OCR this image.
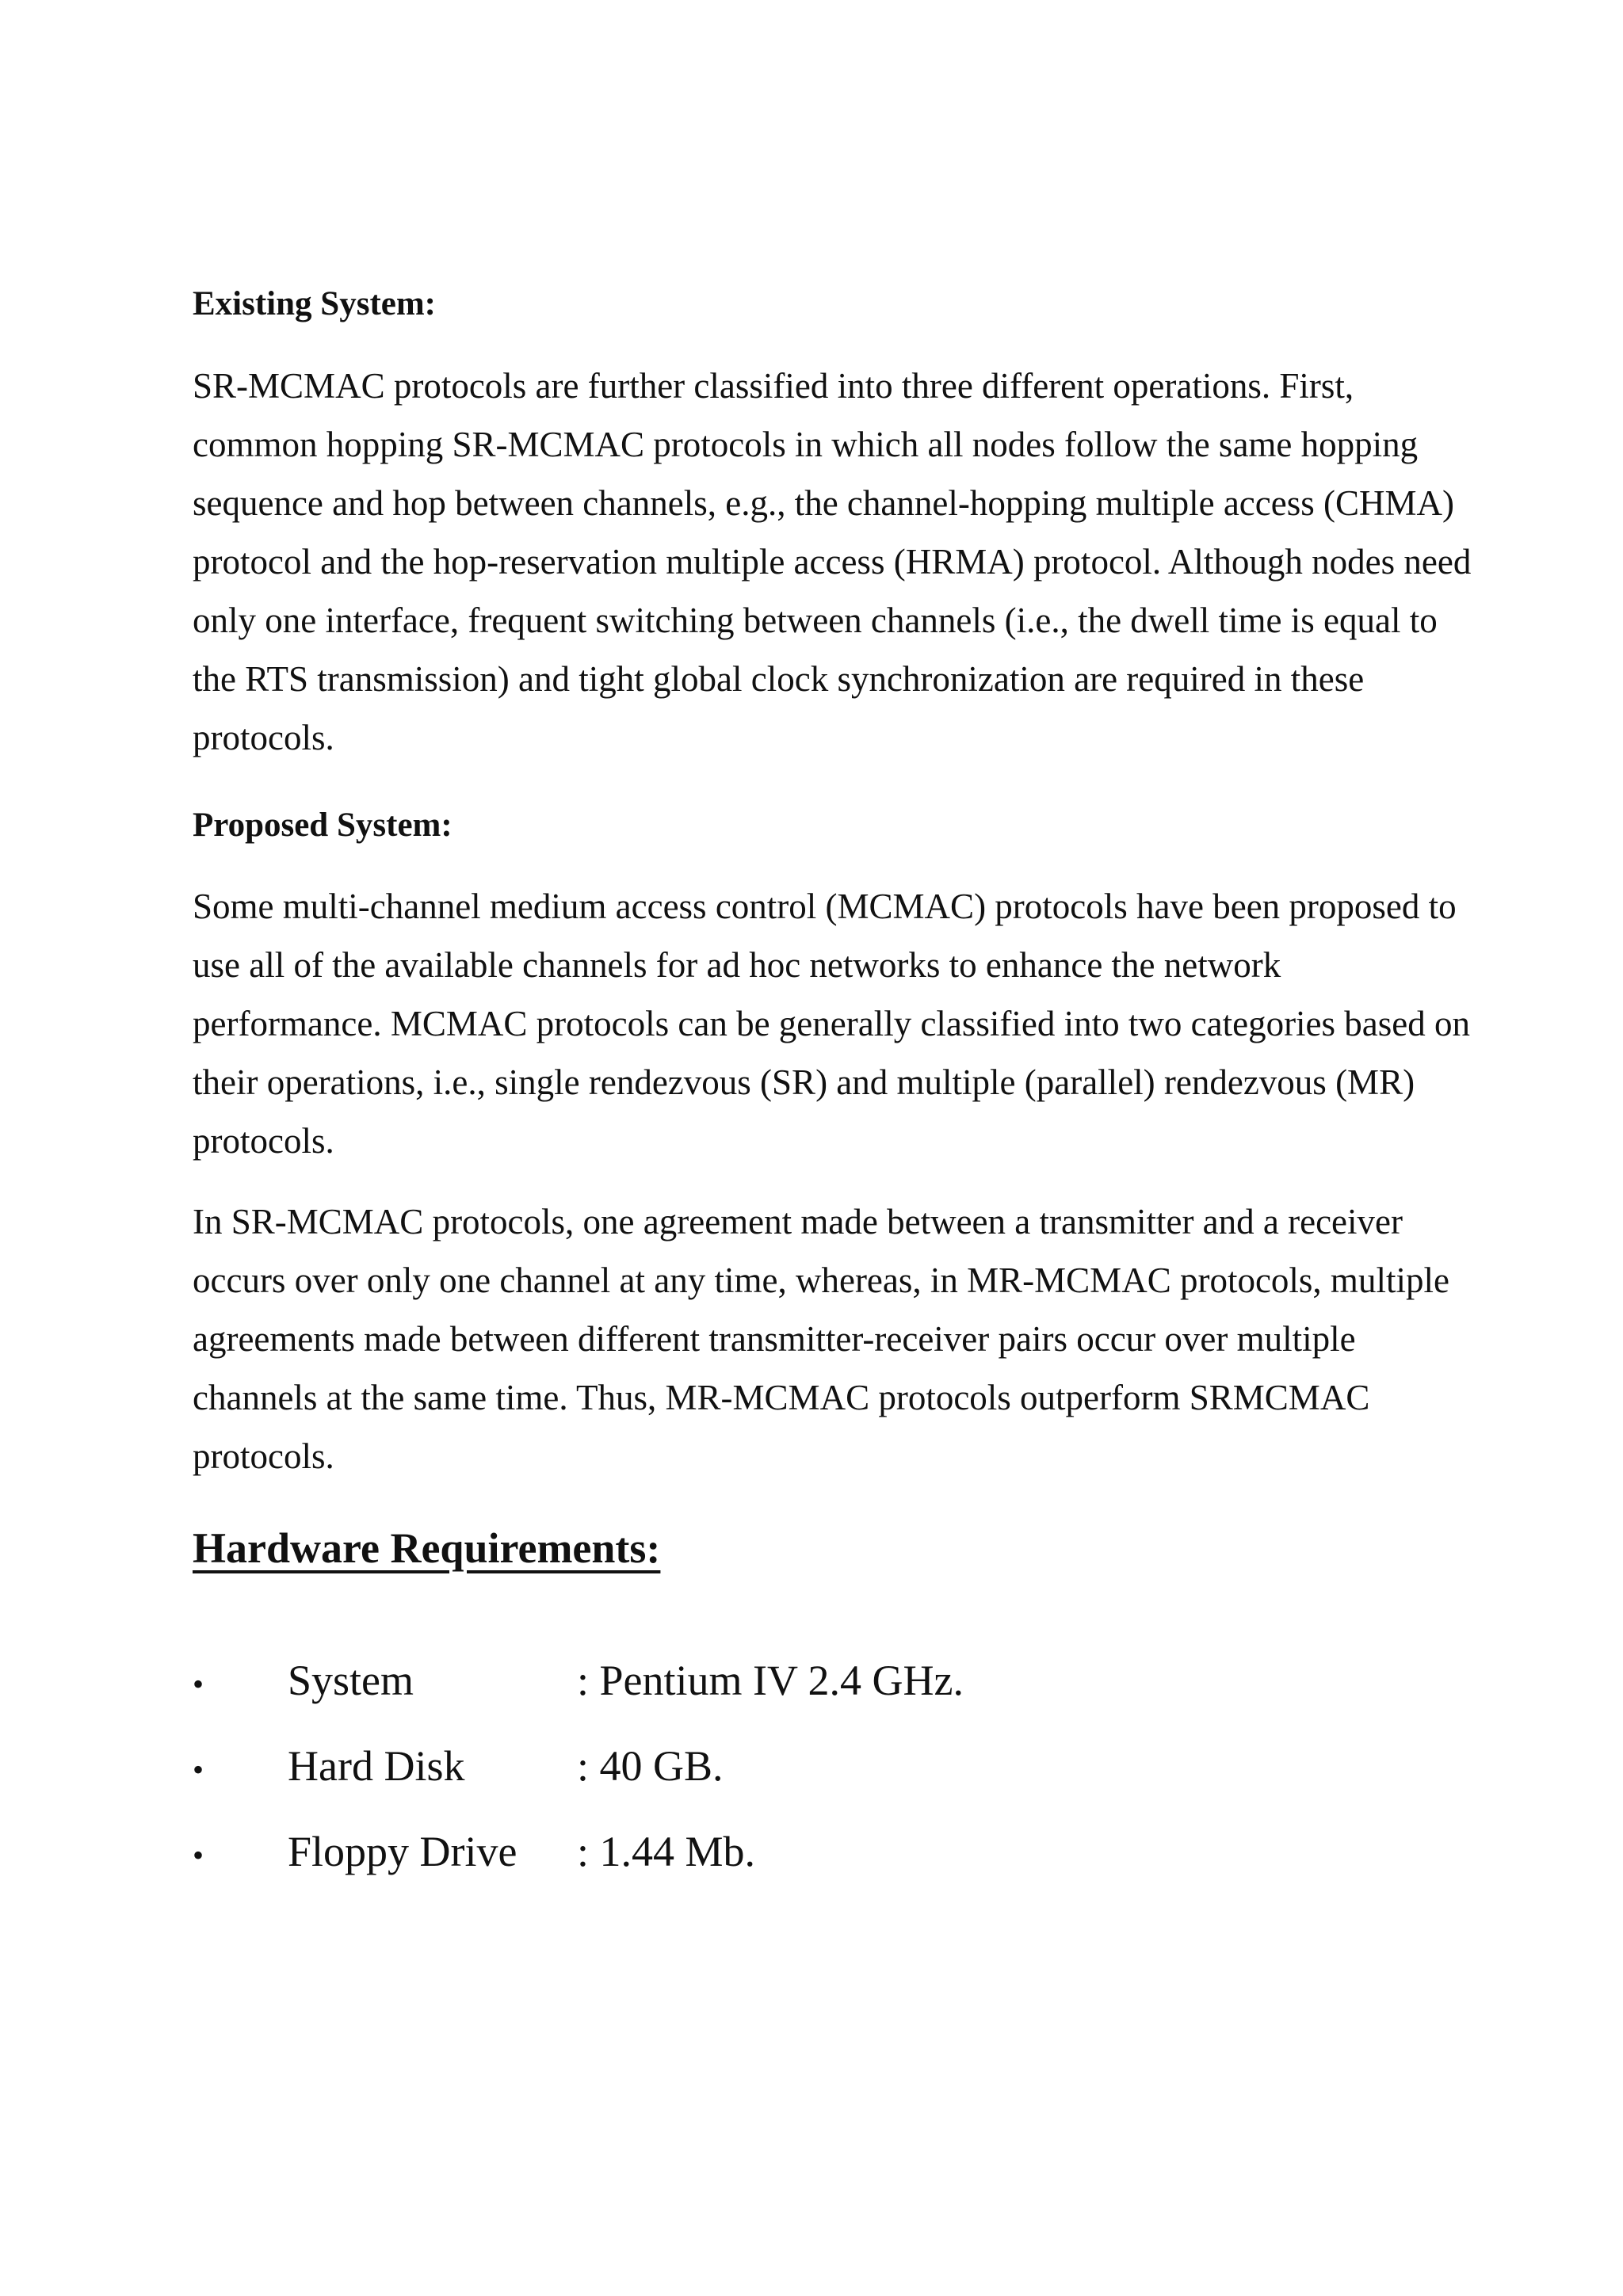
Existing System:

SR-MCMAC protocols are further classified into three different operations. First, common hopping SR-MCMAC protocols in which all nodes follow the same hopping sequence and hop between channels, e.g., the channel-hopping multiple access (CHMA) protocol and the hop-reservation multiple access (HRMA) protocol. Although nodes need only one interface, frequent switching between channels (i.e., the dwell time is equal to the RTS transmission) and tight global clock synchronization are required in these protocols.

Proposed System:

Some multi-channel medium access control (MCMAC) protocols have been proposed to use all of the available channels for ad hoc networks to enhance the network performance. MCMAC protocols can be generally classified into two categories based on their operations, i.e., single rendezvous (SR) and multiple (parallel) rendezvous (MR) protocols.

In SR-MCMAC protocols, one agreement made between a transmitter and a receiver occurs over only one channel at any time, whereas, in MR-MCMAC protocols, multiple agreements made between different transmitter-receiver pairs occur over multiple channels at the same time. Thus, MR-MCMAC protocols outperform SRMCMAC protocols.

Hardware Requirements:
•	System	: Pentium IV 2.4 GHz.
•	Hard Disk	: 40 GB.
•	Floppy Drive	: 1.44 Mb.
